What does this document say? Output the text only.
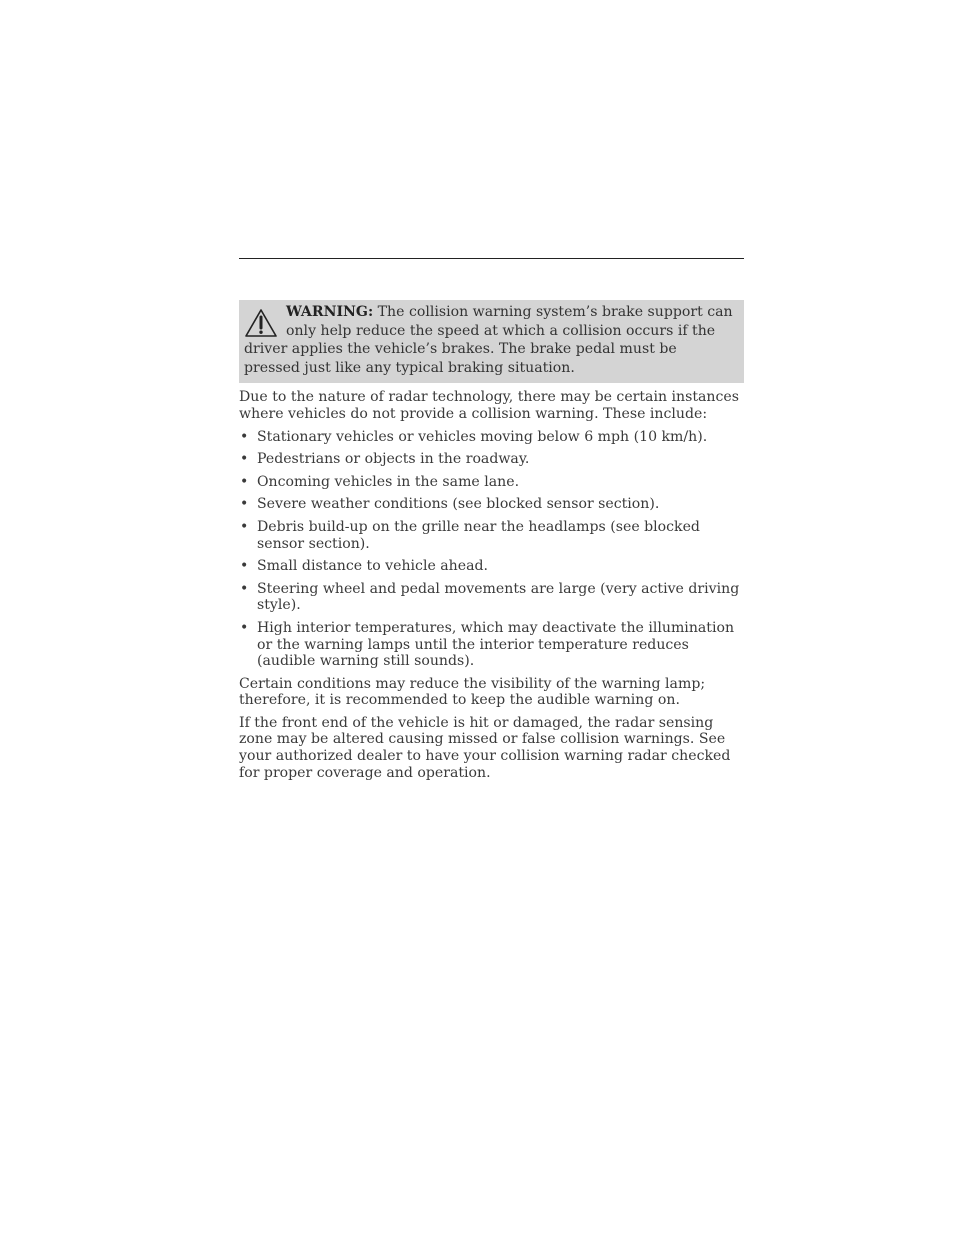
WARNING: The collision warning system’s brake support can only help reduce the speed at which a collision occurs if the driver applies the vehicle’s brakes. The brake pedal must be pressed just like any typical braking situation.

Due to the nature of radar technology, there may be certain instances where vehicles do not provide a collision warning. These include:

• Stationary vehicles or vehicles moving below 6 mph (10 km/h).
• Pedestrians or objects in the roadway.
• Oncoming vehicles in the same lane.
• Severe weather conditions (see blocked sensor section).
• Debris build-up on the grille near the headlamps (see blocked sensor section).
• Small distance to vehicle ahead.
• Steering wheel and pedal movements are large (very active driving style).
• High interior temperatures, which may deactivate the illumination or the warning lamps until the interior temperature reduces (audible warning still sounds).

Certain conditions may reduce the visibility of the warning lamp; therefore, it is recommended to keep the audible warning on.

If the front end of the vehicle is hit or damaged, the radar sensing zone may be altered causing missed or false collision warnings. See your authorized dealer to have your collision warning radar checked for proper coverage and operation.
